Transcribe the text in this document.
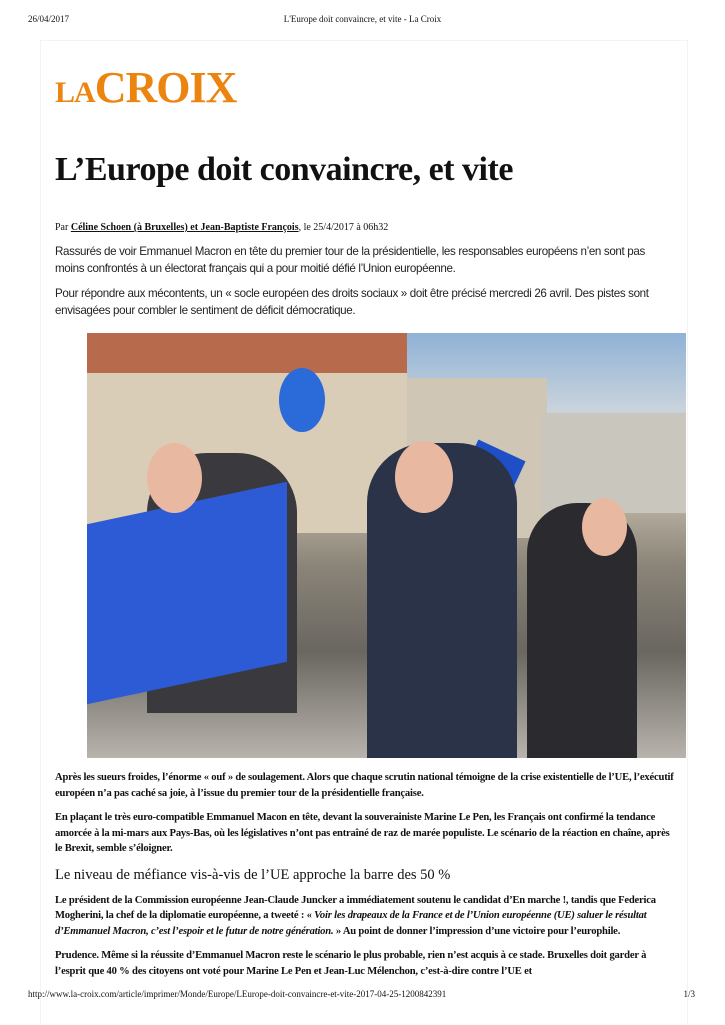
26/04/2017	L'Europe doit convaincre, et vite - La Croix
LACROIX
L’Europe doit convaincre, et vite
Par Céline Schoen (à Bruxelles) et Jean-Baptiste François, le 25/4/2017 à 06h32

Rassurés de voir Emmanuel Macron en tête du premier tour de la présidentielle, les responsables européens n’en sont pas moins confrontés à un électorat français qui a pour moitié défié l’Union européenne.

Pour répondre aux mécontents, un « socle européen des droits sociaux » doit être précisé mercredi 26 avril. Des pistes sont envisagées pour combler le sentiment de déficit démocratique.

Après les sueurs froides, l’énorme « ouf » de soulagement. Alors que chaque scrutin national témoigne de la crise existentielle de l’UE, l’exécutif européen n’a pas caché sa joie, à l’issue du premier tour de la présidentielle française.

En plaçant le très euro-compatible Emmanuel Macon en tête, devant la souverainiste Marine Le Pen, les Français ont confirmé la tendance amorcée à la mi-mars aux Pays-Bas, où les législatives n’ont pas entraîné de raz de marée populiste. Le scénario de la réaction en chaîne, après le Brexit, semble s’éloigner.

Le niveau de méfiance vis-à-vis de l’UE approche la barre des 50 %

Le président de la Commission européenne Jean-Claude Juncker a immédiatement soutenu le candidat d’En marche !, tandis que Federica Mogherini, la chef de la diplomatie européenne, a tweeté : « Voir les drapeaux de la France et de l’Union européenne (UE) saluer le résultat d’Emmanuel Macron, c’est l’espoir et le futur de notre génération. » Au point de donner l’impression d’une victoire pour l’europhile.

Prudence. Même si la réussite d’Emmanuel Macron reste le scénario le plus probable, rien n’est acquis à ce stade. Bruxelles doit garder à l’esprit que 40 % des citoyens ont voté pour Marine Le Pen et Jean-Luc Mélenchon, c’est-à-dire contre l’UE et

http://www.la-croix.com/article/imprimer/Monde/Europe/LEurope-doit-convaincre-et-vite-2017-04-25-1200842391	1/3
